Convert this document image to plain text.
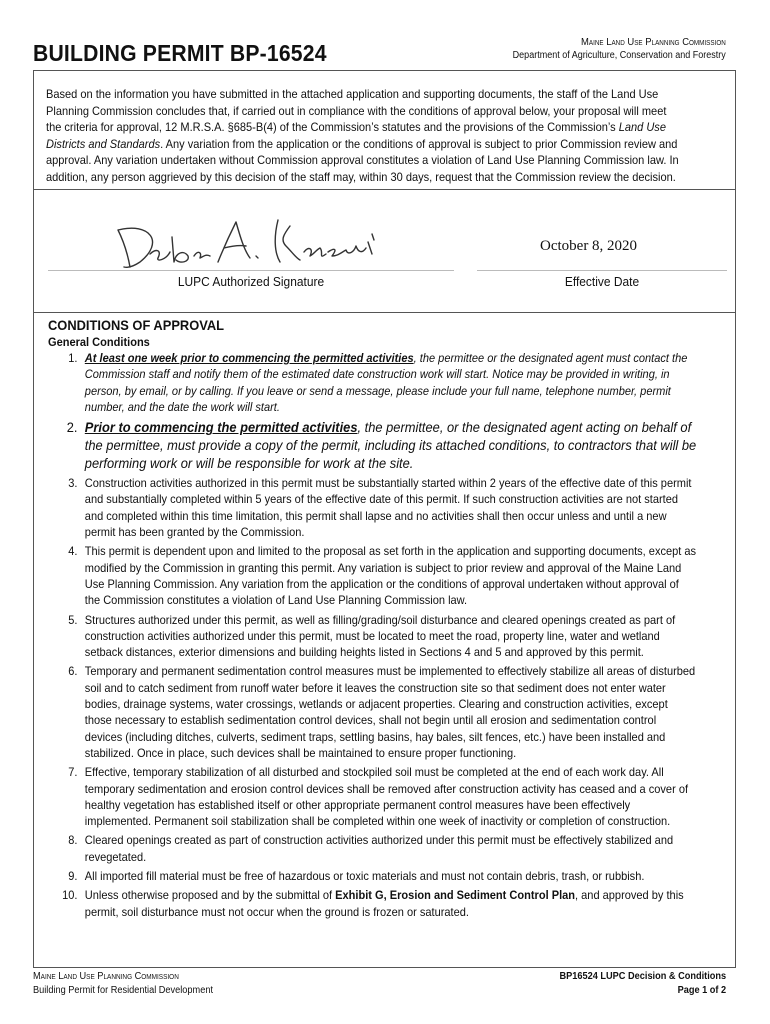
BUILDING PERMIT BP-16524	Maine Land Use Planning Commission
Department of Agriculture, Conservation and Forestry
Based on the information you have submitted in the attached application and supporting documents, the staff of the Land Use Planning Commission concludes that, if carried out in compliance with the conditions of approval below, your proposal will meet the criteria for approval, 12 M.R.S.A. §685-B(4) of the Commission’s statutes and the provisions of the Commission’s Land Use Districts and Standards. Any variation from the application or the conditions of approval is subject to prior Commission review and approval. Any variation undertaken without Commission approval constitutes a violation of Land Use Planning Commission law. In addition, any person aggrieved by this decision of the staff may, within 30 days, request that the Commission review the decision.
October 8, 2020
LUPC Authorized Signature	Effective Date
CONDITIONS OF APPROVAL
General Conditions
1. At least one week prior to commencing the permitted activities, the permittee or the designated agent must contact the Commission staff and notify them of the estimated date construction work will start. Notice may be provided in writing, in person, by email, or by calling. If you leave or send a message, please include your full name, telephone number, permit number, and the date the work will start.
2. Prior to commencing the permitted activities, the permittee, or the designated agent acting on behalf of the permittee, must provide a copy of the permit, including its attached conditions, to contractors that will be performing work or will be responsible for work at the site.
3. Construction activities authorized in this permit must be substantially started within 2 years of the effective date of this permit and substantially completed within 5 years of the effective date of this permit. If such construction activities are not started and completed within this time limitation, this permit shall lapse and no activities shall then occur unless and until a new permit has been granted by the Commission.
4. This permit is dependent upon and limited to the proposal as set forth in the application and supporting documents, except as modified by the Commission in granting this permit. Any variation is subject to prior review and approval of the Maine Land Use Planning Commission. Any variation from the application or the conditions of approval undertaken without approval of the Commission constitutes a violation of Land Use Planning Commission law.
5. Structures authorized under this permit, as well as filling/grading/soil disturbance and cleared openings created as part of construction activities authorized under this permit, must be located to meet the road, property line, water and wetland setback distances, exterior dimensions and building heights listed in Sections 4 and 5 and approved by this permit.
6. Temporary and permanent sedimentation control measures must be implemented to effectively stabilize all areas of disturbed soil and to catch sediment from runoff water before it leaves the construction site so that sediment does not enter water bodies, drainage systems, water crossings, wetlands or adjacent properties. Clearing and construction activities, except those necessary to establish sedimentation control devices, shall not begin until all erosion and sedimentation control devices (including ditches, culverts, sediment traps, settling basins, hay bales, silt fences, etc.) have been installed and stabilized. Once in place, such devices shall be maintained to ensure proper functioning.
7. Effective, temporary stabilization of all disturbed and stockpiled soil must be completed at the end of each work day. All temporary sedimentation and erosion control devices shall be removed after construction activity has ceased and a cover of healthy vegetation has established itself or other appropriate permanent control measures have been effectively implemented. Permanent soil stabilization shall be completed within one week of inactivity or completion of construction.
8. Cleared openings created as part of construction activities authorized under this permit must be effectively stabilized and revegetated.
9. All imported fill material must be free of hazardous or toxic materials and must not contain debris, trash, or rubbish.
10. Unless otherwise proposed and by the submittal of Exhibit G, Erosion and Sediment Control Plan, and approved by this permit, soil disturbance must not occur when the ground is frozen or saturated.
Maine Land Use Planning Commission
Building Permit for Residential Development
BP16524 LUPC Decision & Conditions
Page 1 of 2
